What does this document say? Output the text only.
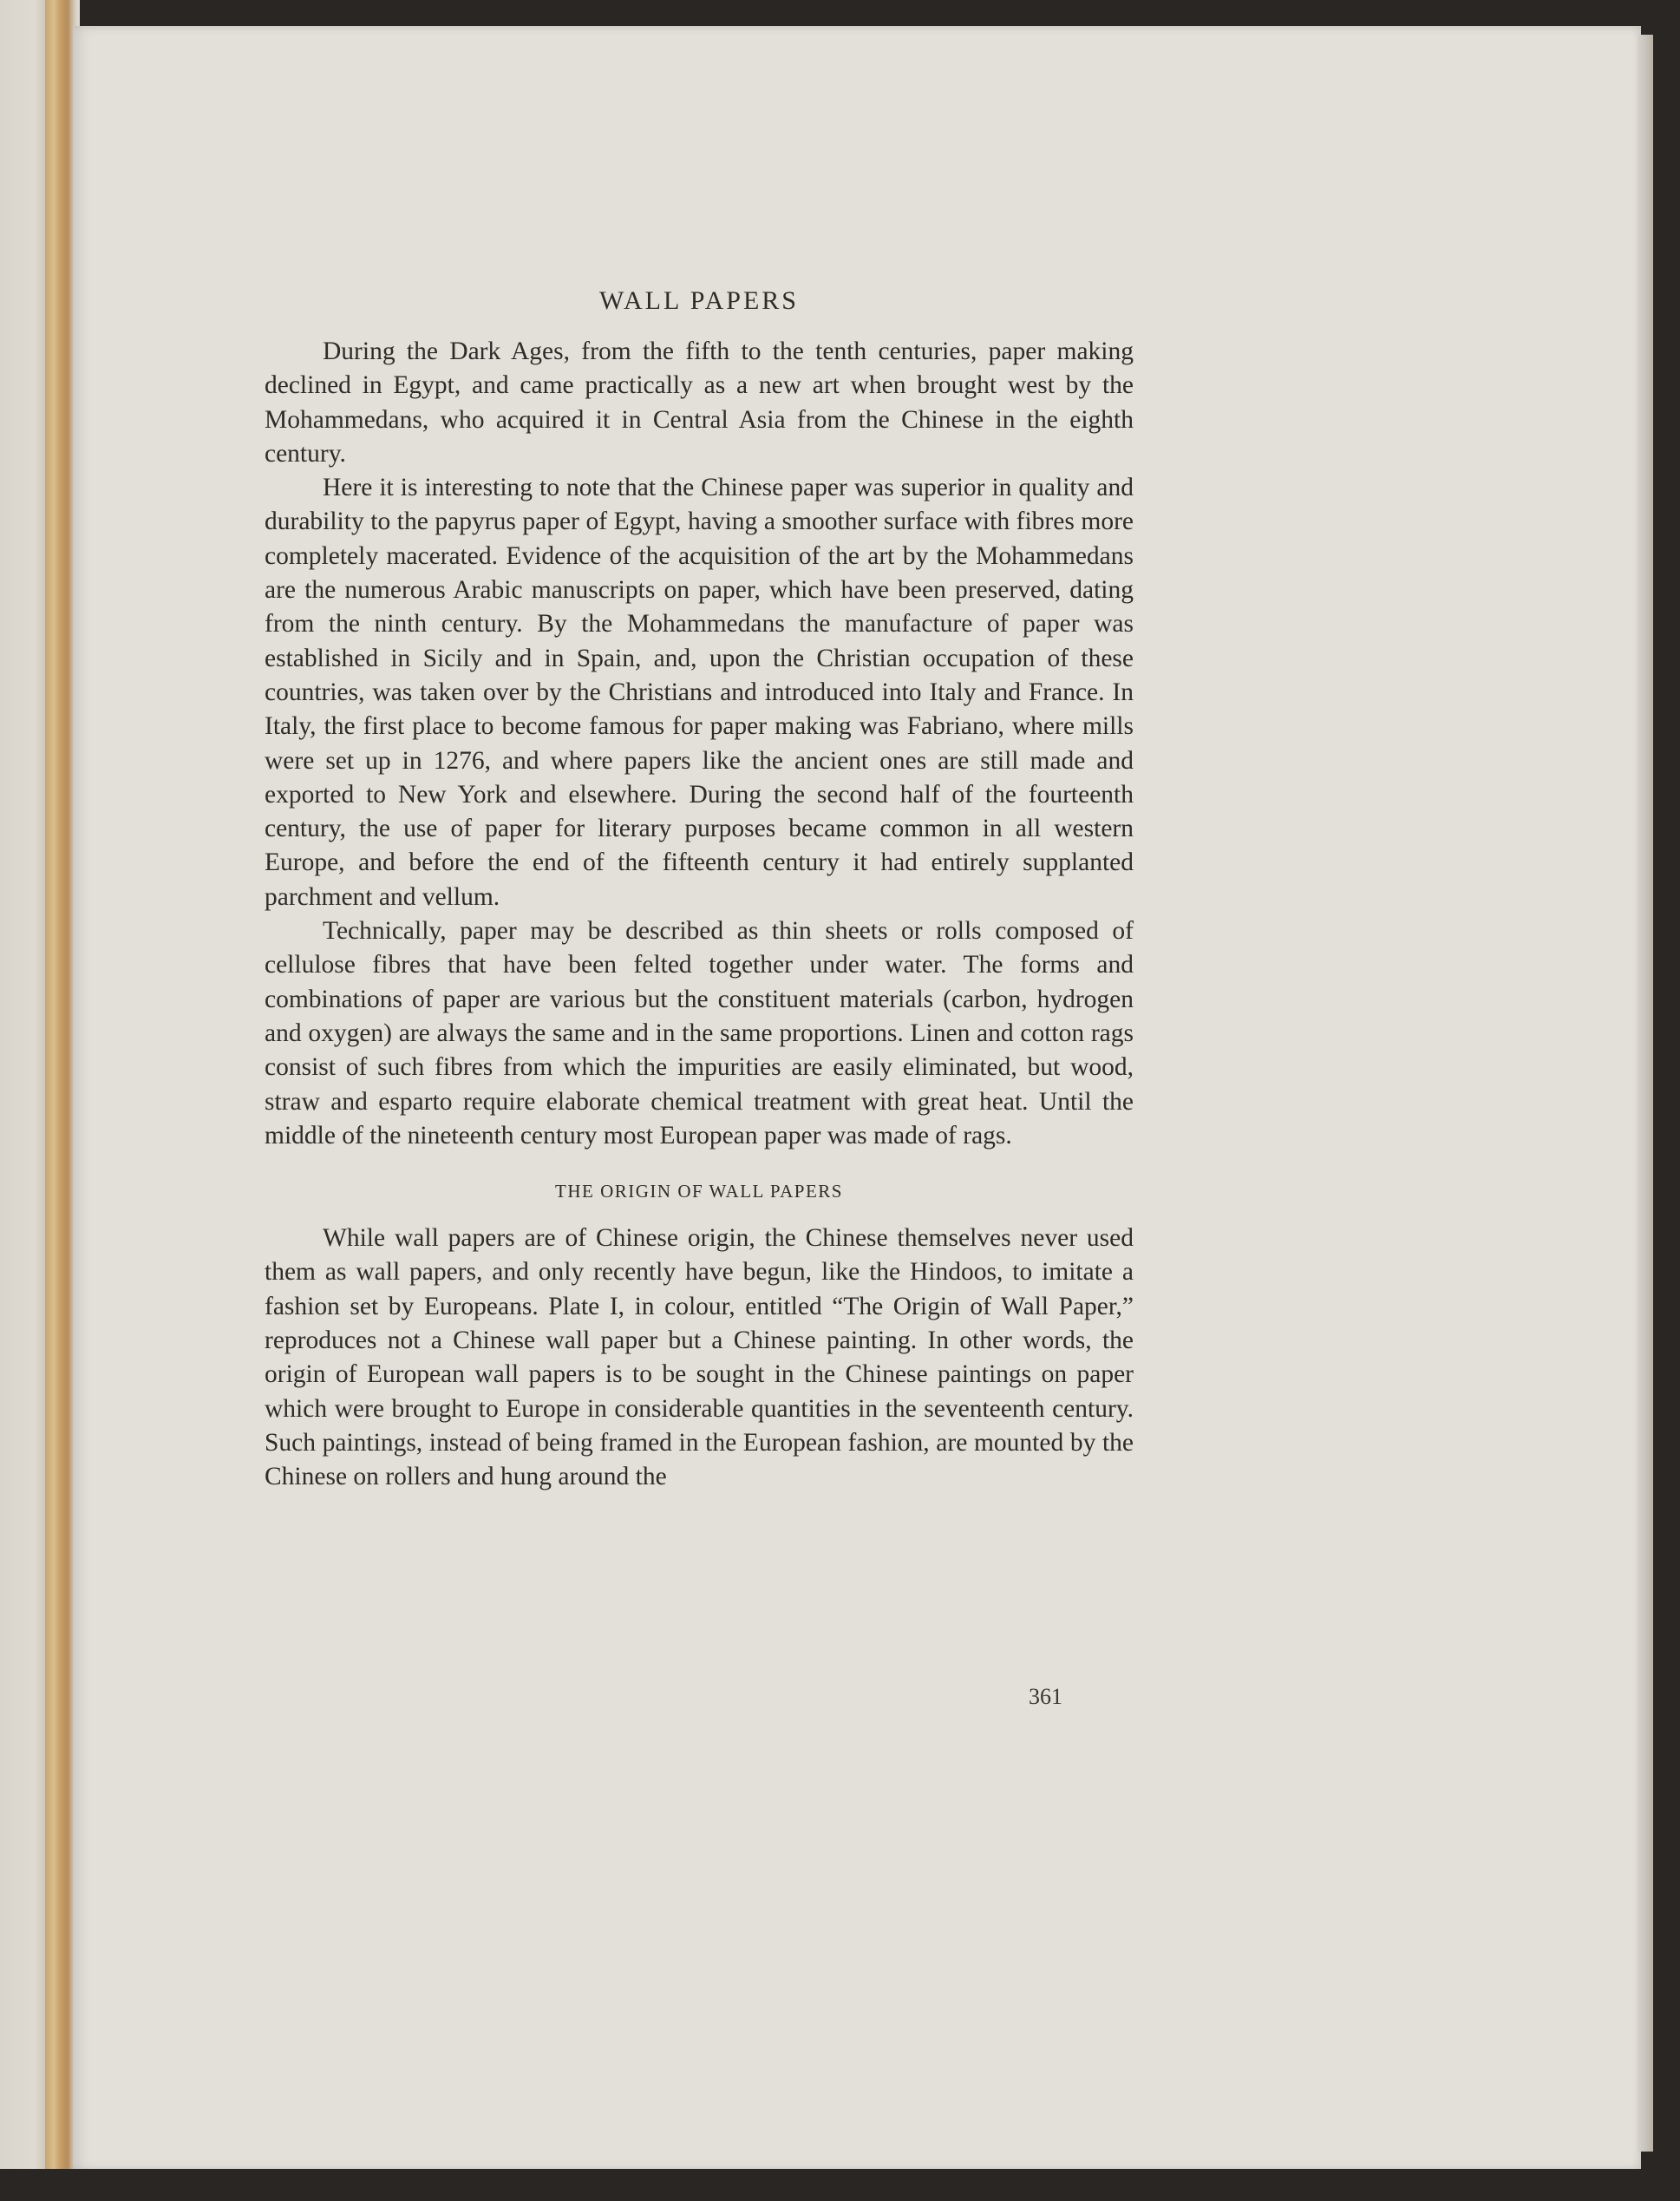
WALL PAPERS

During the Dark Ages, from the fifth to the tenth centuries, paper making declined in Egypt, and came practically as a new art when brought west by the Mohammedans, who acquired it in Central Asia from the Chinese in the eighth century.

Here it is interesting to note that the Chinese paper was superior in quality and durability to the papyrus paper of Egypt, having a smoother surface with fibres more completely macerated. Evidence of the acquisition of the art by the Mohammedans are the numerous Arabic manuscripts on paper, which have been preserved, dating from the ninth century. By the Mohammedans the manufacture of paper was established in Sicily and in Spain, and, upon the Christian occupation of these countries, was taken over by the Christians and introduced into Italy and France. In Italy, the first place to become famous for paper making was Fabriano, where mills were set up in 1276, and where papers like the ancient ones are still made and exported to New York and elsewhere. During the second half of the fourteenth century, the use of paper for literary purposes became common in all western Europe, and before the end of the fifteenth century it had entirely supplanted parchment and vellum.

Technically, paper may be described as thin sheets or rolls composed of cellulose fibres that have been felted together under water. The forms and combinations of paper are various but the constituent materials (carbon, hydrogen and oxygen) are always the same and in the same proportions. Linen and cotton rags consist of such fibres from which the impurities are easily eliminated, but wood, straw and esparto require elaborate chemical treatment with great heat. Until the middle of the nineteenth century most European paper was made of rags.

THE ORIGIN OF WALL PAPERS

While wall papers are of Chinese origin, the Chinese themselves never used them as wall papers, and only recently have begun, like the Hindoos, to imitate a fashion set by Europeans. Plate I, in colour, entitled “The Origin of Wall Paper,” reproduces not a Chinese wall paper but a Chinese painting. In other words, the origin of European wall papers is to be sought in the Chinese paintings on paper which were brought to Europe in considerable quantities in the seventeenth century. Such paintings, instead of being framed in the European fashion, are mounted by the Chinese on rollers and hung around the

361
